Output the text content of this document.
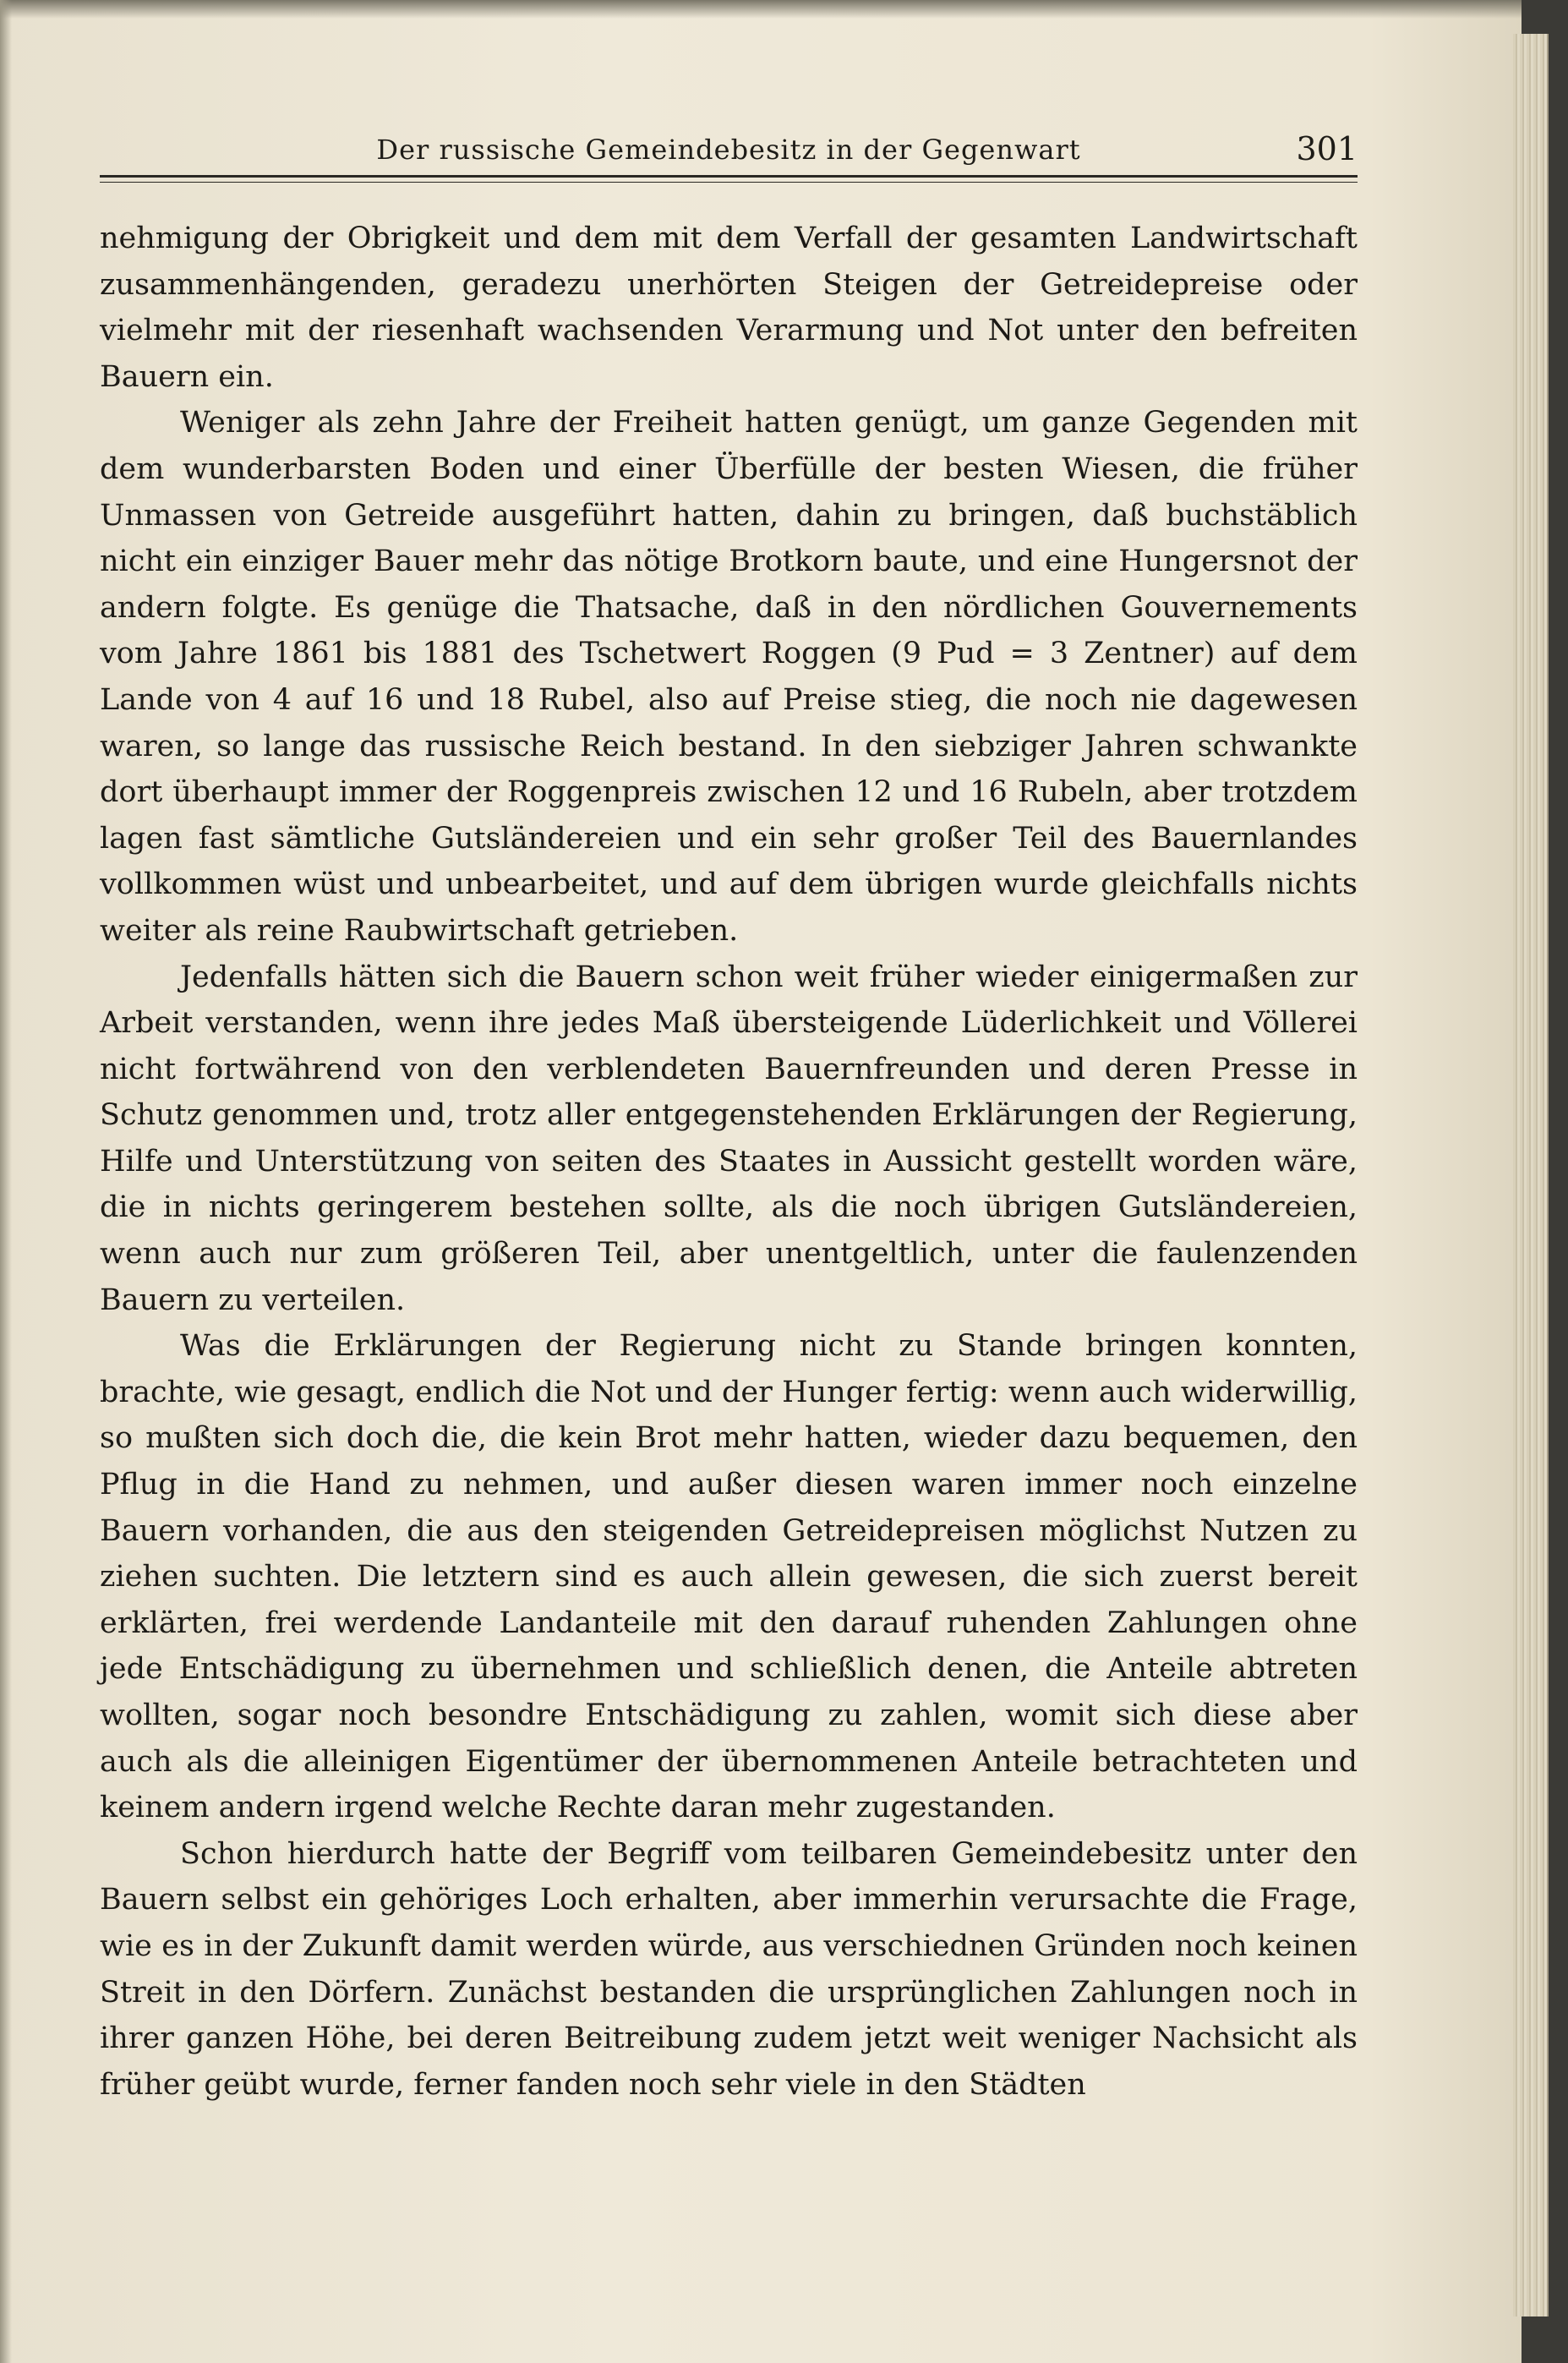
Der russische Gemeindebesitz in der Gegenwart	301

nehmigung der Obrigkeit und dem mit dem Verfall der gesamten Landwirtschaft zusammenhängenden, geradezu unerhörten Steigen der Getreidepreise oder vielmehr mit der riesenhaft wachsenden Verarmung und Not unter den befreiten Bauern ein.

Weniger als zehn Jahre der Freiheit hatten genügt, um ganze Gegenden mit dem wunderbarsten Boden und einer Überfülle der besten Wiesen, die früher Unmassen von Getreide ausgeführt hatten, dahin zu bringen, daß buchstäblich nicht ein einziger Bauer mehr das nötige Brotkorn baute, und eine Hungersnot der andern folgte. Es genüge die Thatsache, daß in den nördlichen Gouvernements vom Jahre 1861 bis 1881 des Tschetwert Roggen (9 Pud = 3 Zentner) auf dem Lande von 4 auf 16 und 18 Rubel, also auf Preise stieg, die noch nie dagewesen waren, so lange das russische Reich bestand. In den siebziger Jahren schwankte dort überhaupt immer der Roggenpreis zwischen 12 und 16 Rubeln, aber trotzdem lagen fast sämtliche Gutsländereien und ein sehr großer Teil des Bauernlandes vollkommen wüst und unbearbeitet, und auf dem übrigen wurde gleichfalls nichts weiter als reine Raubwirtschaft getrieben.

Jedenfalls hätten sich die Bauern schon weit früher wieder einigermaßen zur Arbeit verstanden, wenn ihre jedes Maß übersteigende Lüderlichkeit und Völlerei nicht fortwährend von den verblendeten Bauernfreunden und deren Presse in Schutz genommen und, trotz aller entgegenstehenden Erklärungen der Regierung, Hilfe und Unterstützung von seiten des Staates in Aussicht gestellt worden wäre, die in nichts geringerem bestehen sollte, als die noch übrigen Gutsländereien, wenn auch nur zum größeren Teil, aber unentgeltlich, unter die faulenzenden Bauern zu verteilen.

Was die Erklärungen der Regierung nicht zu Stande bringen konnten, brachte, wie gesagt, endlich die Not und der Hunger fertig: wenn auch widerwillig, so mußten sich doch die, die kein Brot mehr hatten, wieder dazu bequemen, den Pflug in die Hand zu nehmen, und außer diesen waren immer noch einzelne Bauern vorhanden, die aus den steigenden Getreidepreisen möglichst Nutzen zu ziehen suchten. Die letztern sind es auch allein gewesen, die sich zuerst bereit erklärten, frei werdende Landanteile mit den darauf ruhenden Zahlungen ohne jede Entschädigung zu übernehmen und schließlich denen, die Anteile abtreten wollten, sogar noch besondre Entschädigung zu zahlen, womit sich diese aber auch als die alleinigen Eigentümer der übernommenen Anteile betrachteten und keinem andern irgend welche Rechte daran mehr zugestanden.

Schon hierdurch hatte der Begriff vom teilbaren Gemeindebesitz unter den Bauern selbst ein gehöriges Loch erhalten, aber immerhin verursachte die Frage, wie es in der Zukunft damit werden würde, aus verschiednen Gründen noch keinen Streit in den Dörfern. Zunächst bestanden die ursprünglichen Zahlungen noch in ihrer ganzen Höhe, bei deren Beitreibung zudem jetzt weit weniger Nachsicht als früher geübt wurde, ferner fanden noch sehr viele in den Städten
